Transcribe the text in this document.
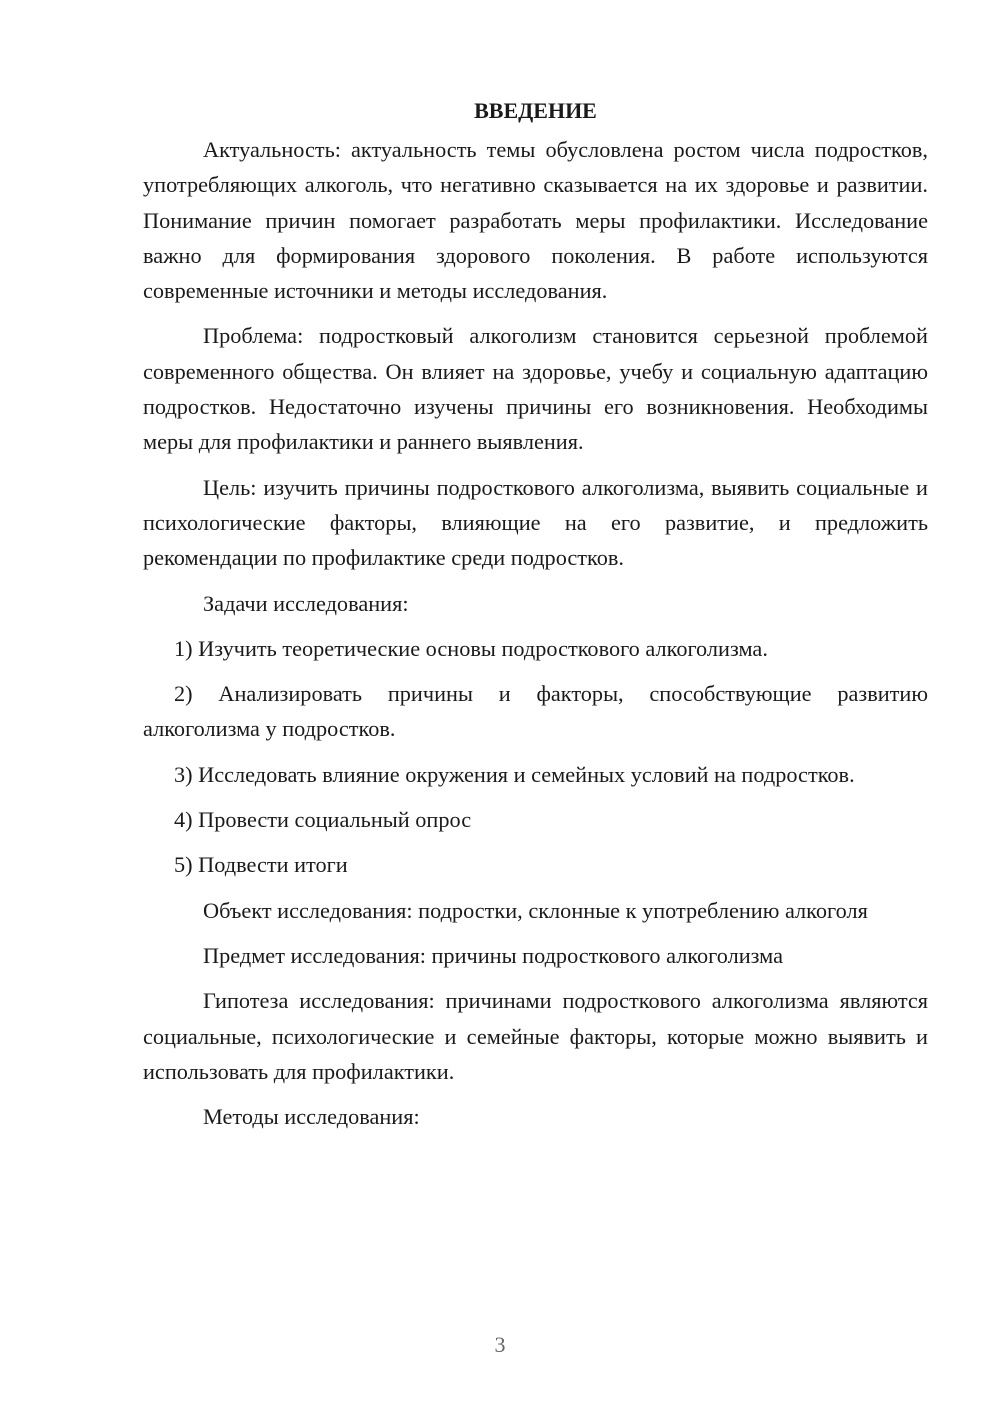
ВВЕДЕНИЕ

Актуальность: актуальность темы обусловлена ростом числа подростков, употребляющих алкоголь, что негативно сказывается на их здоровье и развитии. Понимание причин помогает разработать меры профилактики. Исследование важно для формирования здорового поколения. В работе используются современные источники и методы исследования.

Проблема: подростковый алкоголизм становится серьезной проблемой современного общества. Он влияет на здоровье, учебу и социальную адаптацию подростков. Недостаточно изучены причины его возникновения. Необходимы меры для профилактики и раннего выявления.

Цель: изучить причины подросткового алкоголизма, выявить социальные и психологические факторы, влияющие на его развитие, и предложить рекомендации по профилактике среди подростков.

Задачи исследования:

1) Изучить теоретические основы подросткового алкоголизма.

2) Анализировать причины и факторы, способствующие развитию алкоголизма у подростков.

3) Исследовать влияние окружения и семейных условий на подростков.

4) Провести социальный опрос

5) Подвести итоги

Объект исследования: подростки, склонные к употреблению алкоголя

Предмет исследования: причины подросткового алкоголизма

Гипотеза исследования: причинами подросткового алкоголизма являются социальные, психологические и семейные факторы, которые можно выявить и использовать для профилактики.

Методы исследования:

3
